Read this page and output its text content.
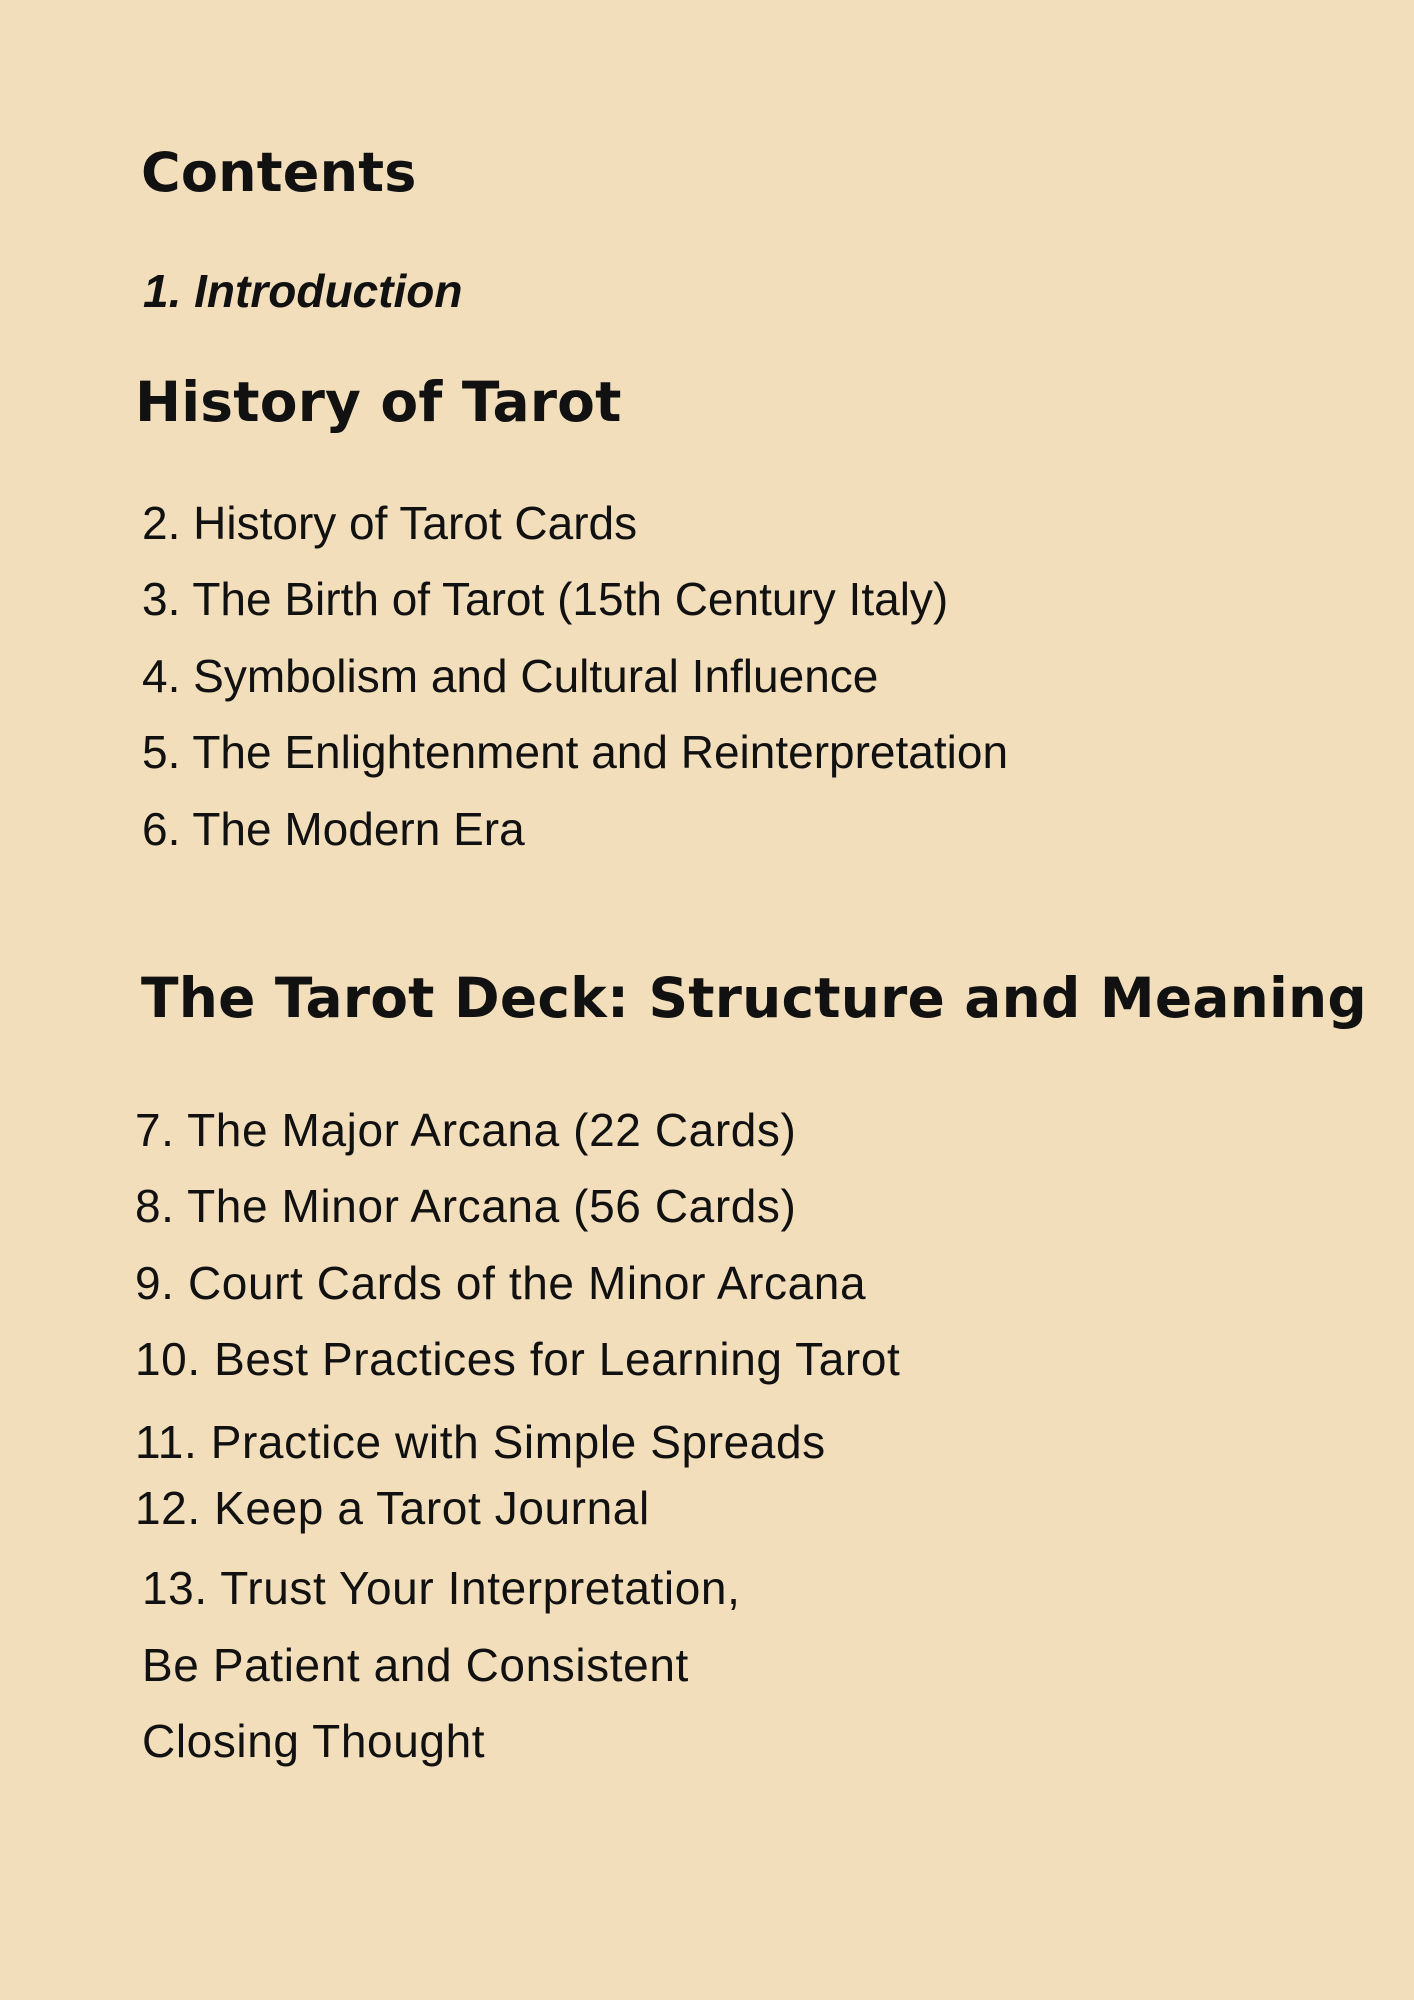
Contents
1. Introduction
History of Tarot
2. History of Tarot Cards
3. The Birth of Tarot (15th Century Italy)
4. Symbolism and Cultural Influence
5. The Enlightenment and Reinterpretation
6. The Modern Era
The Tarot Deck: Structure and Meaning
7. The Major Arcana (22 Cards)
8. The Minor Arcana (56 Cards)
9. Court Cards of the Minor Arcana
10. Best Practices for Learning Tarot
11. Practice with Simple Spreads
12. Keep a Tarot Journal
13. Trust Your Interpretation,
Be Patient and Consistent
Closing Thought
